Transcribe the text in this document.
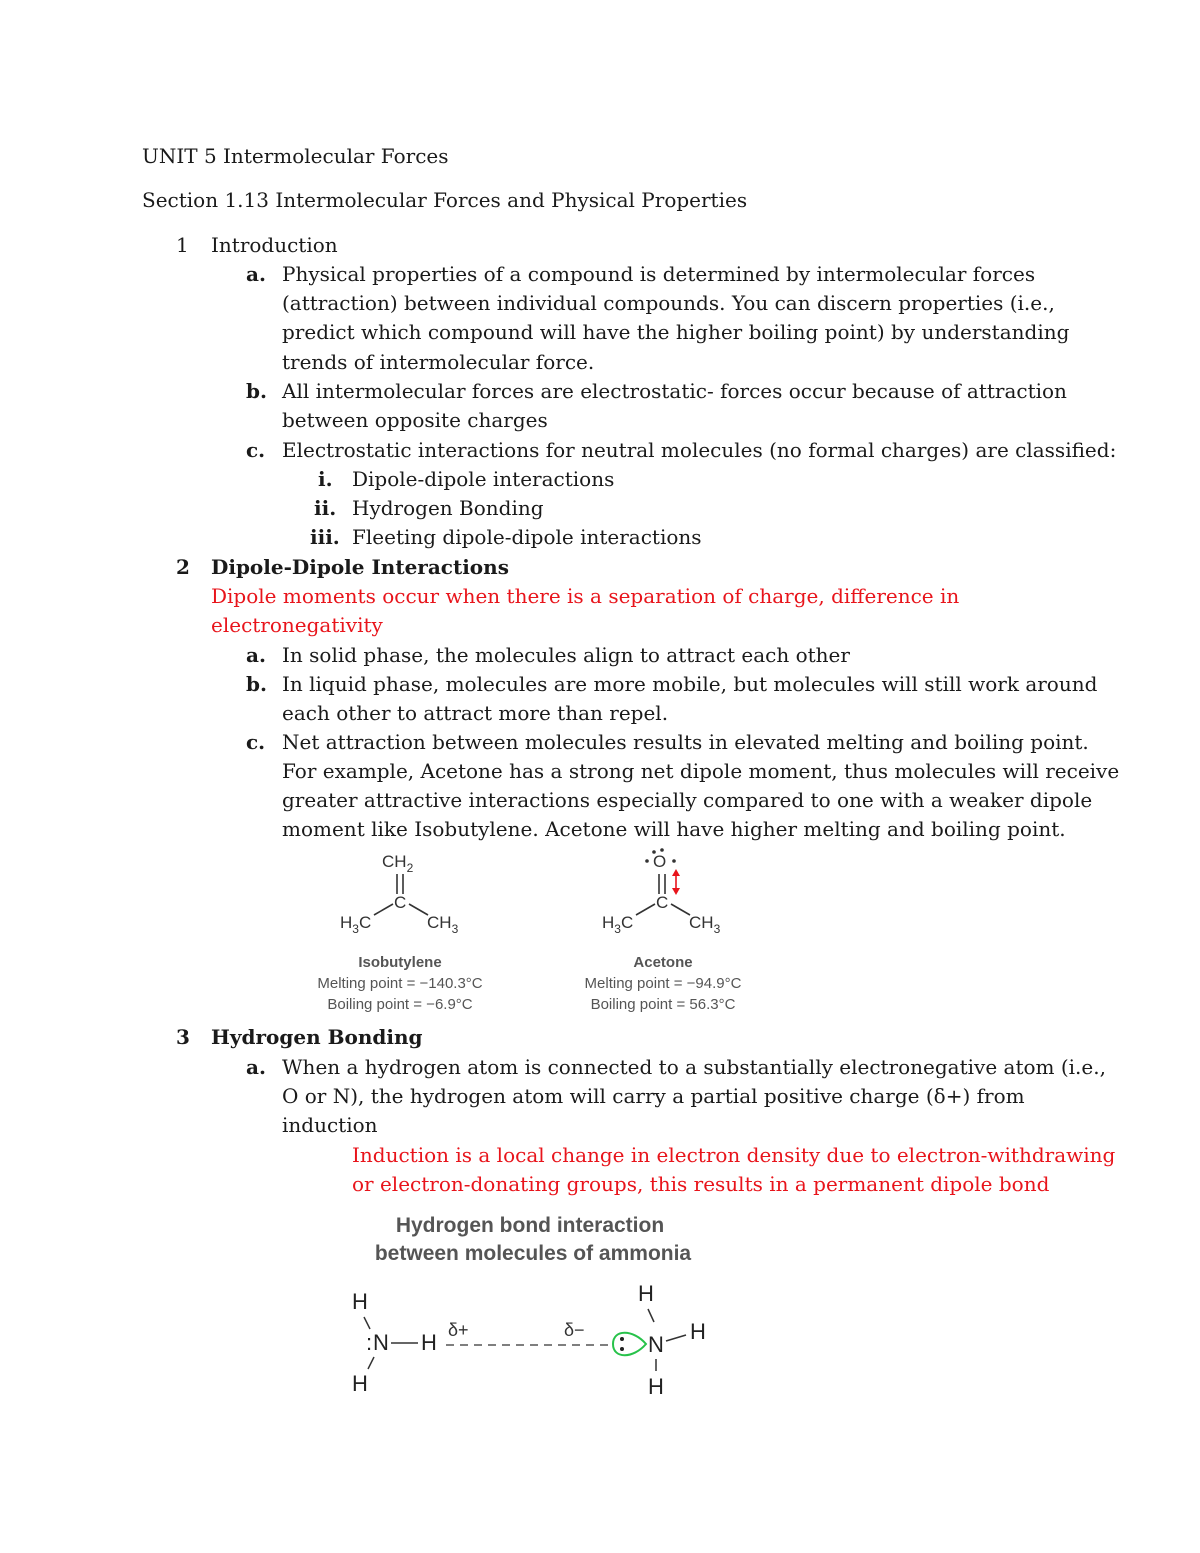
UNIT 5 Intermolecular Forces
Section 1.13 Intermolecular Forces and Physical Properties
1 Introduction
a. Physical properties of a compound is determined by intermolecular forces
(attraction) between individual compounds. You can discern properties (i.e.,
predict which compound will have the higher boiling point) by understanding
trends of intermolecular force.
b. All intermolecular forces are electrostatic- forces occur because of attraction
between opposite charges
c. Electrostatic interactions for neutral molecules (no formal charges) are classified:
i. Dipole-dipole interactions
ii. Hydrogen Bonding
iii. Fleeting dipole-dipole interactions
2 Dipole-Dipole Interactions
Dipole moments occur when there is a separation of charge, difference in
electronegativity
a. In solid phase, the molecules align to attract each other
b. In liquid phase, molecules are more mobile, but molecules will still work around
each other to attract more than repel.
c. Net attraction between molecules results in elevated melting and boiling point.
For example, Acetone has a strong net dipole moment, thus molecules will receive
greater attractive interactions especially compared to one with a weaker dipole
moment like Isobutylene. Acetone will have higher melting and boiling point.
$CH_2$
C
$H_3C$	$CH_3$
Isobutylene
Melting point = −140.3°C
Boiling point = −6.9°C
O
C
$H_3C$	$CH_3$
Acetone
Melting point = −94.9°C
Boiling point = 56.3°C
3 Hydrogen Bonding
a. When a hydrogen atom is connected to a substantially electronegative atom (i.e.,
O or N), the hydrogen atom will carry a partial positive charge (δ+) from
induction
Induction is a local change in electron density due to electron-withdrawing
or electron-donating groups, this results in a permanent dipole bond
Hydrogen bond interaction
between molecules of ammonia
H
: N H
H
δ+	δ−
H
N
H
H
